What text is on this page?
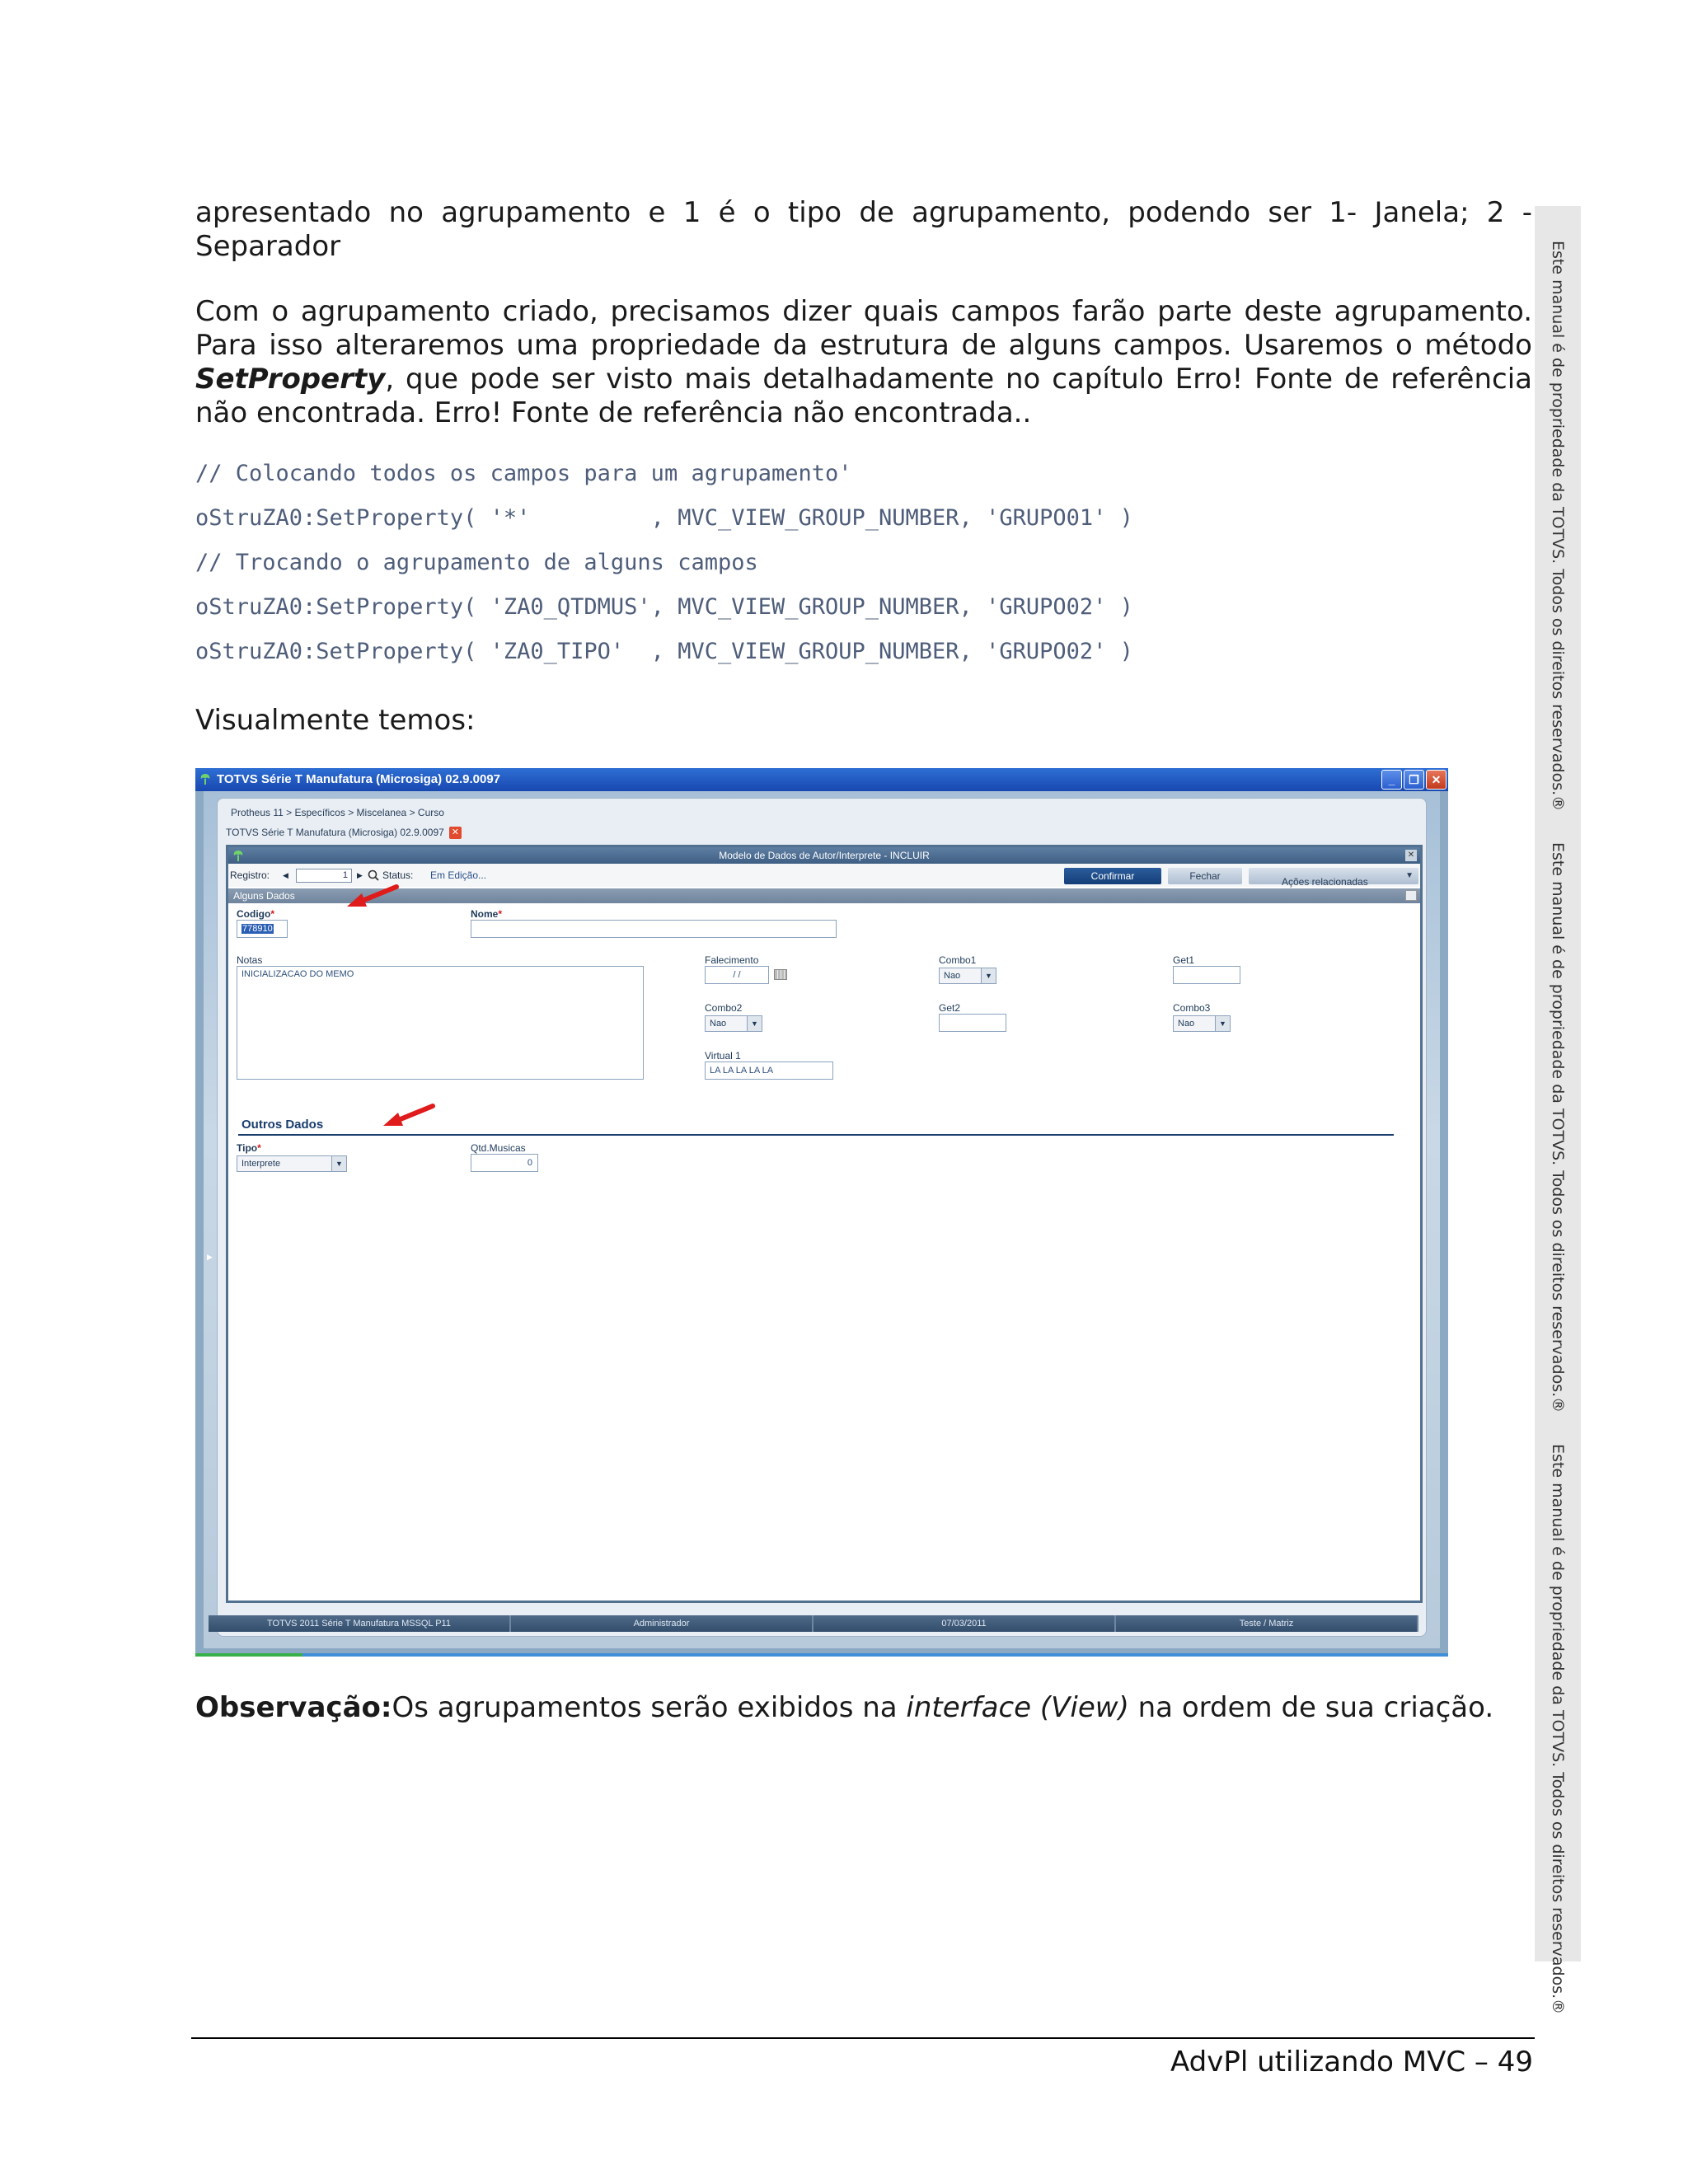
apresentado no agrupamento e 1 é o tipo de agrupamento, podendo ser 1- Janela; 2 -
Separador
Com o agrupamento criado, precisamos dizer quais campos farão parte deste agrupamento.
Para isso alteraremos uma propriedade da estrutura de alguns campos. Usaremos o método
SetProperty, que pode ser visto mais detalhadamente no capítulo Erro! Fonte de referência
não encontrada. Erro! Fonte de referência não encontrada..
// Colocando todos os campos para um agrupamento'
oStruZA0:SetProperty( '*'         , MVC_VIEW_GROUP_NUMBER, 'GRUPO01' )
// Trocando o agrupamento de alguns campos
oStruZA0:SetProperty( 'ZA0_QTDMUS', MVC_VIEW_GROUP_NUMBER, 'GRUPO02' )
oStruZA0:SetProperty( 'ZA0_TIPO'  , MVC_VIEW_GROUP_NUMBER, 'GRUPO02' )
Visualmente temos:
TOTVS Série T Manufatura (Microsiga) 02.9.0097	_	❐	✕
Protheus 11 > Específicos > Miscelanea > Curso
TOTVS Série T Manufatura (Microsiga) 02.9.0097 ✕
Modelo de Dados de Autor/Interprete - INCLUIR	✕
Registro: ◀	1	▶ Status: Em Edição...	Confirmar	Fechar	Ações relacionadas
▼
Alguns Dados
Codigo *
778910
Nome *
Notas
INICIALIZACAO DO MEMO
Falecimento
/ /
Combo1
Nao	▼
Get1
Combo2
Nao	▼
Get2	Combo3
Nao	▼
Virtual 1
LA LA LA LA LA
Outros Dados
Tipo *
Interprete	▼
Qtd.Musicas
0
▶
TOTVS 2011 Série T Manufatura MSSQL P11	Administrador	07/03/2011	Teste / Matriz
Observação:Os agrupamentos serão exibidos na interface (View) na ordem de sua criação.
Este manual é de propriedade da TOTVS. Todos os direitos reservados.®
Este manual é de propriedade da TOTVS. Todos os direitos reservados.®
Este manual é de propriedade da TOTVS. Todos os direitos reservados.®
AdvPl utilizando MVC – 49
